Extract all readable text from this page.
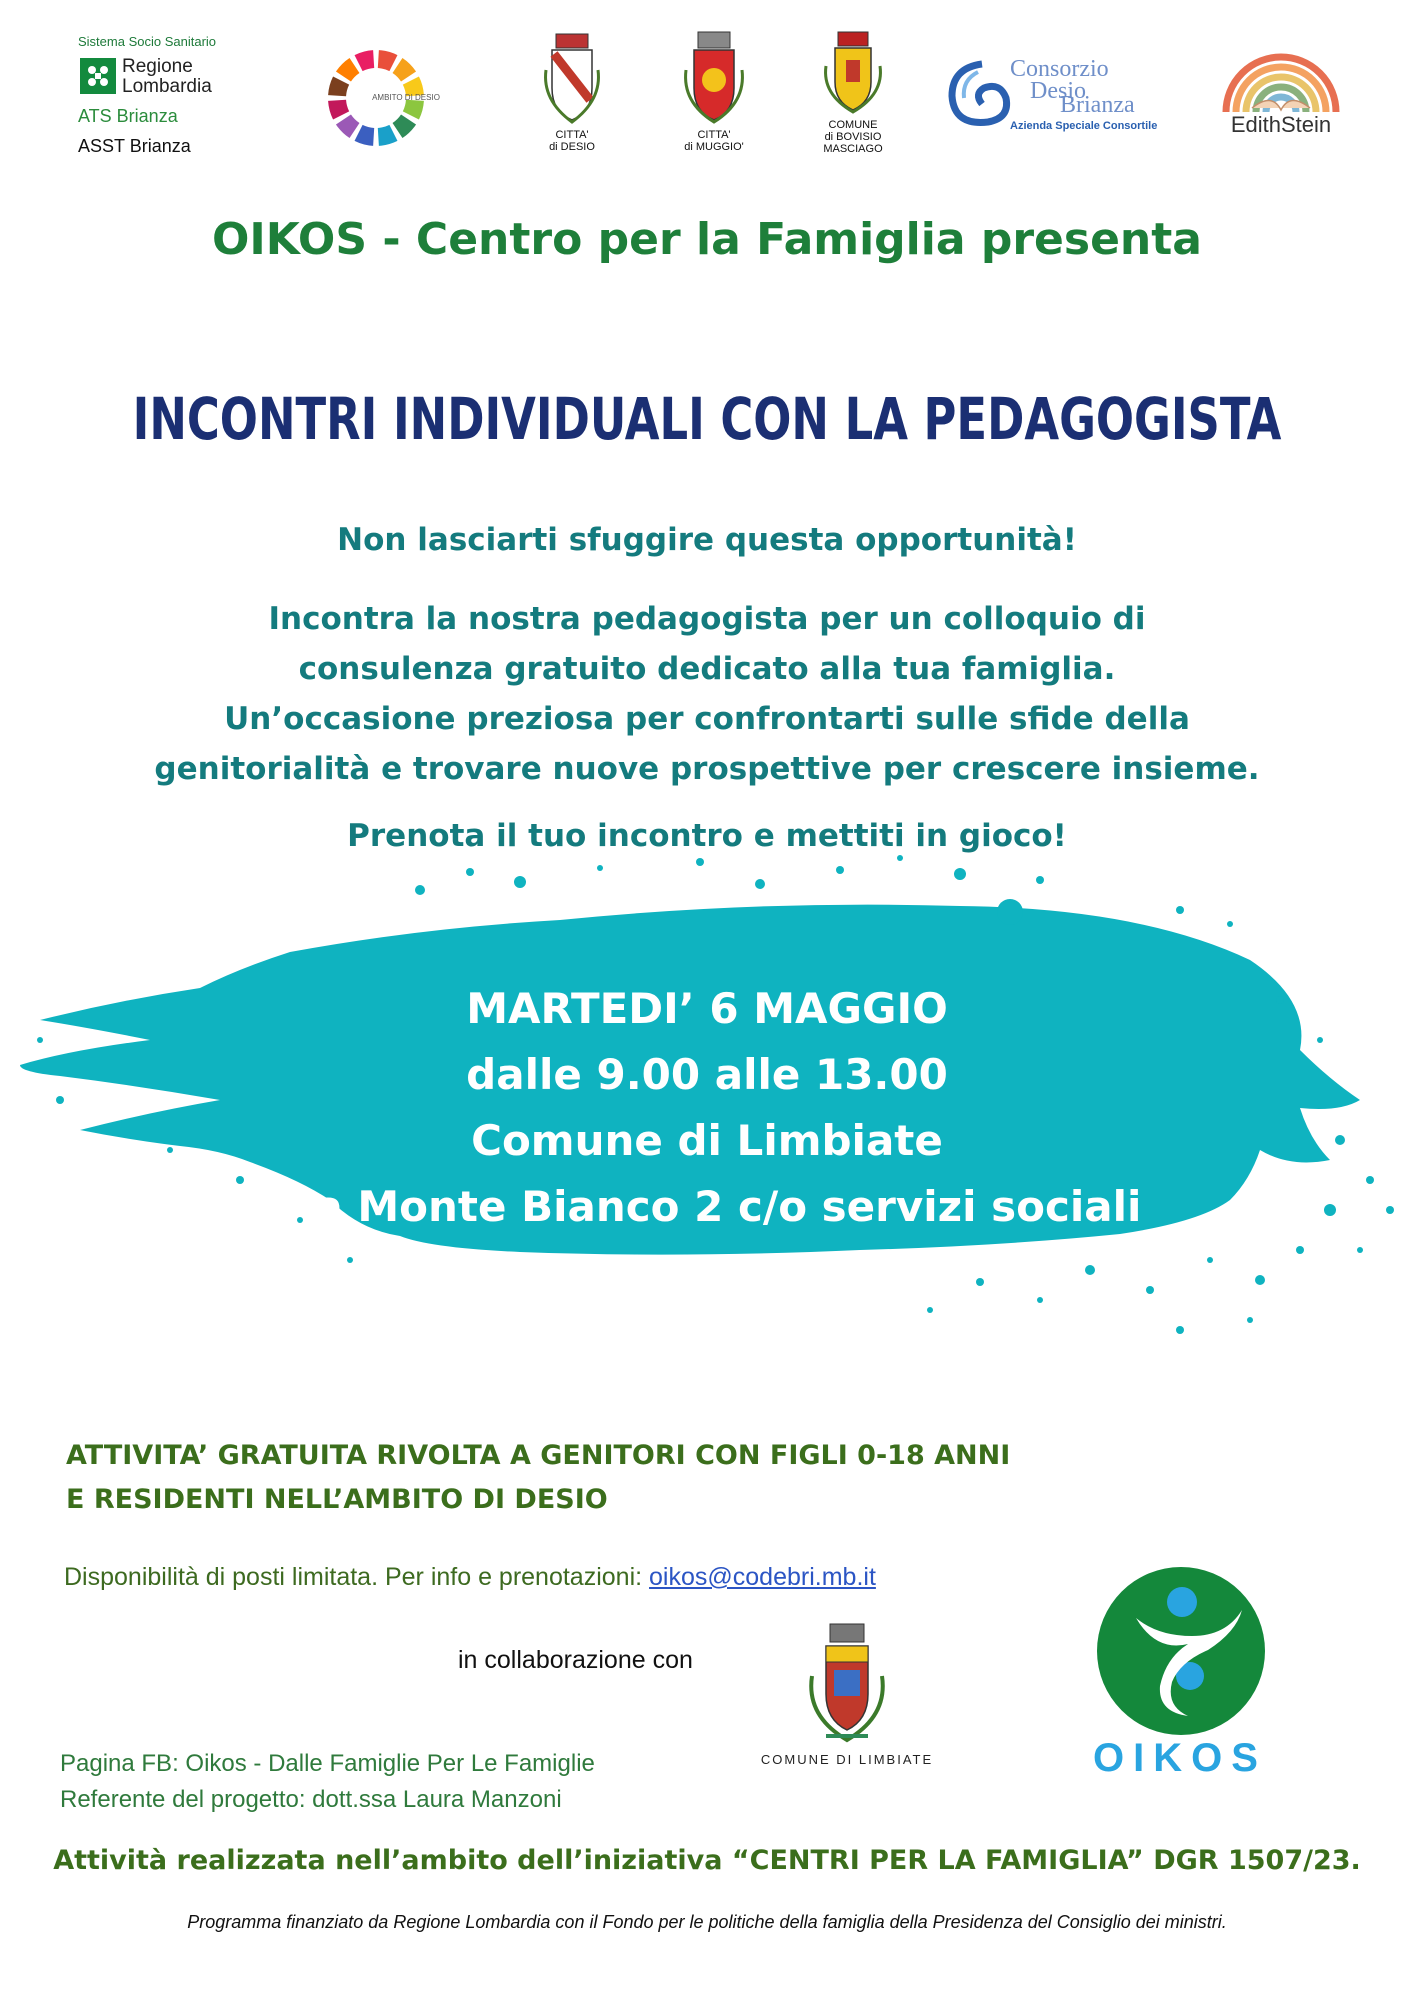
Sistema Socio Sanitario
Regione
Lombardia
ATS Brianza
ASST Brianza
AMBITO DI DESIO
CITTA'
di DESIO
CITTA'
di MUGGIO'
COMUNE
di BOVISIO
MASCIAGO
Consorzio
Desio
Brianza
Azienda Speciale Consortile	EdithStein
OIKOS - Centro per la Famiglia presenta
INCONTRI INDIVIDUALI CON LA PEDAGOGISTA
Non lasciarti sfuggire questa opportunità!
Incontra la nostra pedagogista per un colloquio di
consulenza gratuito dedicato alla tua famiglia.
Un’occasione preziosa per confrontarti sulle sfide della
genitorialità e trovare nuove prospettive per crescere insieme.
Prenota il tuo incontro e mettiti in gioco!
MARTEDI’ 6 MAGGIO
dalle 9.00 alle 13.00
Comune di Limbiate
via Monte Bianco 2 c/o servizi sociali
ATTIVITA’ GRATUITA RIVOLTA A GENITORI CON FIGLI 0-18 ANNI
E RESIDENTI NELL’AMBITO DI DESIO
Disponibilità di posti limitata. Per info e prenotazioni: oikos@codebri.mb.it
in collaborazione con
COMUNE DI LIMBIATE	OIKOS
Pagina FB: Oikos - Dalle Famiglie Per Le Famiglie
Referente del progetto: dott.ssa Laura Manzoni
Attività realizzata nell’ambito dell’iniziativa “CENTRI PER LA FAMIGLIA” DGR 1507/23.
Programma finanziato da Regione Lombardia con il Fondo per le politiche della famiglia della Presidenza del Consiglio dei ministri.
